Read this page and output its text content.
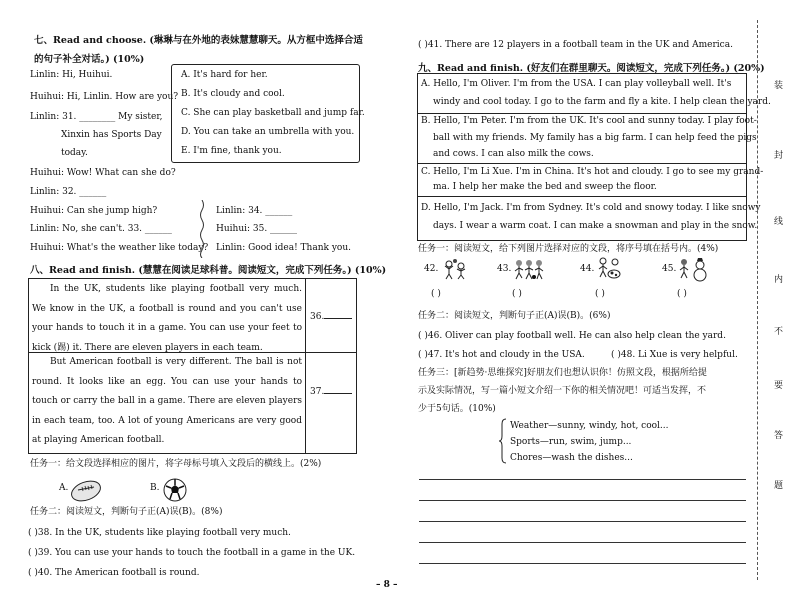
七、Read and choose. (琳琳与在外地的表妹慧慧聊天。从方框中选择合适
的句子补全对话。) (10%)
Linlin: Hi, Huihui.
Huihui: Hi, Linlin. How are you?
Linlin: 31. ________ My sister,
Xinxin has Sports Day
today.
A. It's hard for her.
B. It's cloudy and cool.
C. She can play basketball and jump far.
D. You can take an umbrella with you.
E. I'm fine, thank you.
Huihui: Wow! What can she do?
Linlin: 32. ______
Huihui: Can she jump high?
Linlin: No, she can't. 33. ______
Huihui: What's the weather like today?
Linlin: 34. ______
Huihui: 35. ______
Linlin: Good idea! Thank you.
八、Read and finish. (慧慧在阅读足球科普。阅读短文，完成下列任务。) (10%)
In the UK, students like playing football very much. We know in the UK, a football is round and you can't use your hands to touch it in a game. You can use your feet to kick (踢) it. There are eleven players in each team.
But American football is very different. The ball is not round. It looks like an egg. You can use your hands to touch or carry the ball in a game. There are eleven players in each team, too. A lot of young Americans are very good at playing American football.
36.
37.
任务一：给文段选择相应的图片，将字母标号填入文段后的横线上。(2%)
A.	B.
任务二：阅读短文，判断句子正(A)误(B)。(8%)
( )38. In the UK, students like playing football very much.
( )39. You can use your hands to touch the football in a game in the UK.
( )40. The American football is round.
– 8 –
( )41. There are 12 players in a football team in the UK and America.
九、Read and finish. (好友们在群里聊天。阅读短文，完成下列任务。) (20%)
A. Hello, I'm Oliver. I'm from the USA. I can play volleyball well. It's
windy and cool today. I go to the farm and fly a kite. I help clean the yard.
B. Hello, I'm Peter. I'm from the UK. It's cool and sunny today. I play foot-
ball with my friends. My family has a big farm. I can help feed the pigs
and cows. I can also milk the cows.
C. Hello, I'm Li Xue. I'm in China. It's hot and cloudy. I go to see my grand-
ma. I help her make the bed and sweep the floor.
D. Hello, I'm Jack. I'm from Sydney. It's cold and snowy today. I like snowy
days. I wear a warm coat. I can make a snowman and play in the snow.
任务一：阅读短文，给下列图片选择对应的文段，将序号填在括号内。(4%)
42.	43.	44.	45.
( )	( )	( )	( )
任务二：阅读短文，判断句子正(A)误(B)。(6%)
( )46. Oliver can play football well. He can also help clean the yard.
( )47. It's hot and cloudy in the USA.	( )48. Li Xue is very helpful.
任务三：[新趋势·思维探究]好朋友们也想认识你！仿照文段，根据所给提
示及实际情况，写一篇小短文介绍一下你的相关情况吧！可适当发挥，不
少于5句话。(10%)
Weather—sunny, windy, hot, cool...
Sports—run, swim, jump...
Chores—wash the dishes...
装
封
线
内
不
要
答
题
